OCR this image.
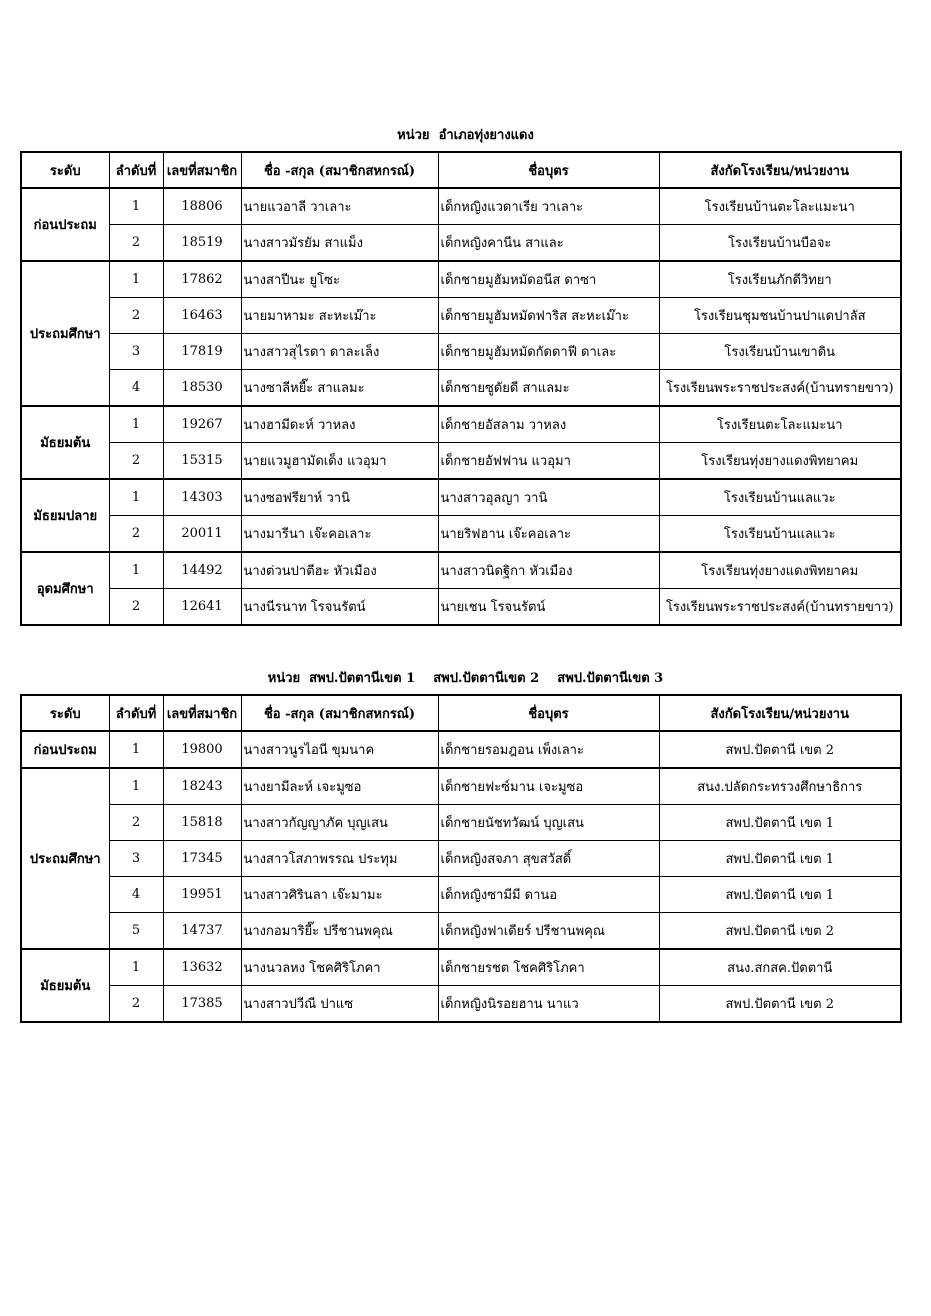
หน่วย  อำเภอทุ่งยางแดง
ระดับ	ลำดับที่	เลขที่สมาชิก	ชื่อ -สกุล (สมาชิกสหกรณ์)	ชื่อบุตร	สังกัดโรงเรียน/หน่วยงาน
ก่อนประถม	1	18806	นายแวอาลี วาเลาะ	เด็กหญิงแวดาเรีย วาเลาะ	โรงเรียนบ้านตะโละแมะนา
	2	18519	นางสาวมัรยัม สาแม็ง	เด็กหญิงคานีน สาและ	โรงเรียนบ้านบือจะ
ประถมศึกษา	1	17862	นางสาปีนะ ยูโซะ	เด็กชายมูฮัมหมัดอนีส ดาซา	โรงเรียนภักดีวิทยา
	2	16463	นายมาหามะ สะหะเม๊าะ	เด็กชายมูฮัมหมัดฟาริส สะหะเม๊าะ	โรงเรียนชุมชนบ้านปาแดปาลัส
	3	17819	นางสาวสุไรดา ดาละเล็ง	เด็กชายมูฮัมหมัดกัดดาฟี ดาเละ	โรงเรียนบ้านเขาดิน
	4	18530	นางซาลีหยี๊ะ สาแลมะ	เด็กชายซูดัยดี สาแลมะ	โรงเรียนพระราชประสงค์(บ้านทรายขาว)
มัธยมต้น	1	19267	นางฮามีดะห์ วาหลง	เด็กชายอัสลาม วาหลง	โรงเรียนตะโละแมะนา
	2	15315	นายแวมูฮามัดเด็ง แวอุมา	เด็กชายอัฟฟาน แวอุมา	โรงเรียนทุ่งยางแดงพิทยาคม
มัธยมปลาย	1	14303	นางซอฟรียาห์ วานิ	นางสาวอุลญา วานิ	โรงเรียนบ้านแลแวะ
	2	20011	นางมารีนา เจ๊ะคอเลาะ	นายริฟฮาน เจ๊ะคอเลาะ	โรงเรียนบ้านแลแวะ
อุดมศึกษา	1	14492	นางต่วนปาตีฮะ หัวเมือง	นางสาวนิดฐิกา หัวเมือง	โรงเรียนทุ่งยางแดงพิทยาคม
	2	12641	นางนีรนาท โรจนรัตน์	นายเชน โรจนรัตน์	โรงเรียนพระราชประสงค์(บ้านทรายขาว)
หน่วย  สพป.ปัตตานีเขต 1    สพป.ปัตตานีเขต 2    สพป.ปัตตานีเขต 3
ระดับ	ลำดับที่	เลขที่สมาชิก	ชื่อ -สกุล (สมาชิกสหกรณ์)	ชื่อบุตร	สังกัดโรงเรียน/หน่วยงาน
ก่อนประถม	1	19800	นางสาวนูรไอนี ขุมนาค	เด็กชายรอมฎอน เพ็งเลาะ	สพป.ปัตตานี เขต 2
ประถมศึกษา	1	18243	นางยามีละห์ เจะมูซอ	เด็กชายฟะซ์มาน เจะมูซอ	สนง.ปลัดกระทรวงศึกษาธิการ
	2	15818	นางสาวกัญญาภัค บุญเสน	เด็กชายนัชทวัฒน์ บุญเสน	สพป.ปัตตานี เขต 1
	3	17345	นางสาวโสภาพรรณ ประทุม	เด็กหญิงสจภา สุขสวัสดิ์	สพป.ปัตตานี เขต 1
	4	19951	นางสาวศิรินลา เจ๊ะมามะ	เด็กหญิงซามีมี ดานอ	สพป.ปัตตานี เขต 1
	5	14737	นางกอมาริยี๊ะ ปรีชานพคุณ	เด็กหญิงฟาเดียร์ ปรีชานพคุณ	สพป.ปัตตานี เขต 2
มัธยมต้น	1	13632	นางนวลหง โชคศิริโภคา	เด็กชายรชต โชคศิริโภคา	สนง.สกสค.ปัตตานี
	2	17385	นางสาวปวีณี ปาแซ	เด็กหญิงนิรอยฮาน นาแว	สพป.ปัตตานี เขต 2
